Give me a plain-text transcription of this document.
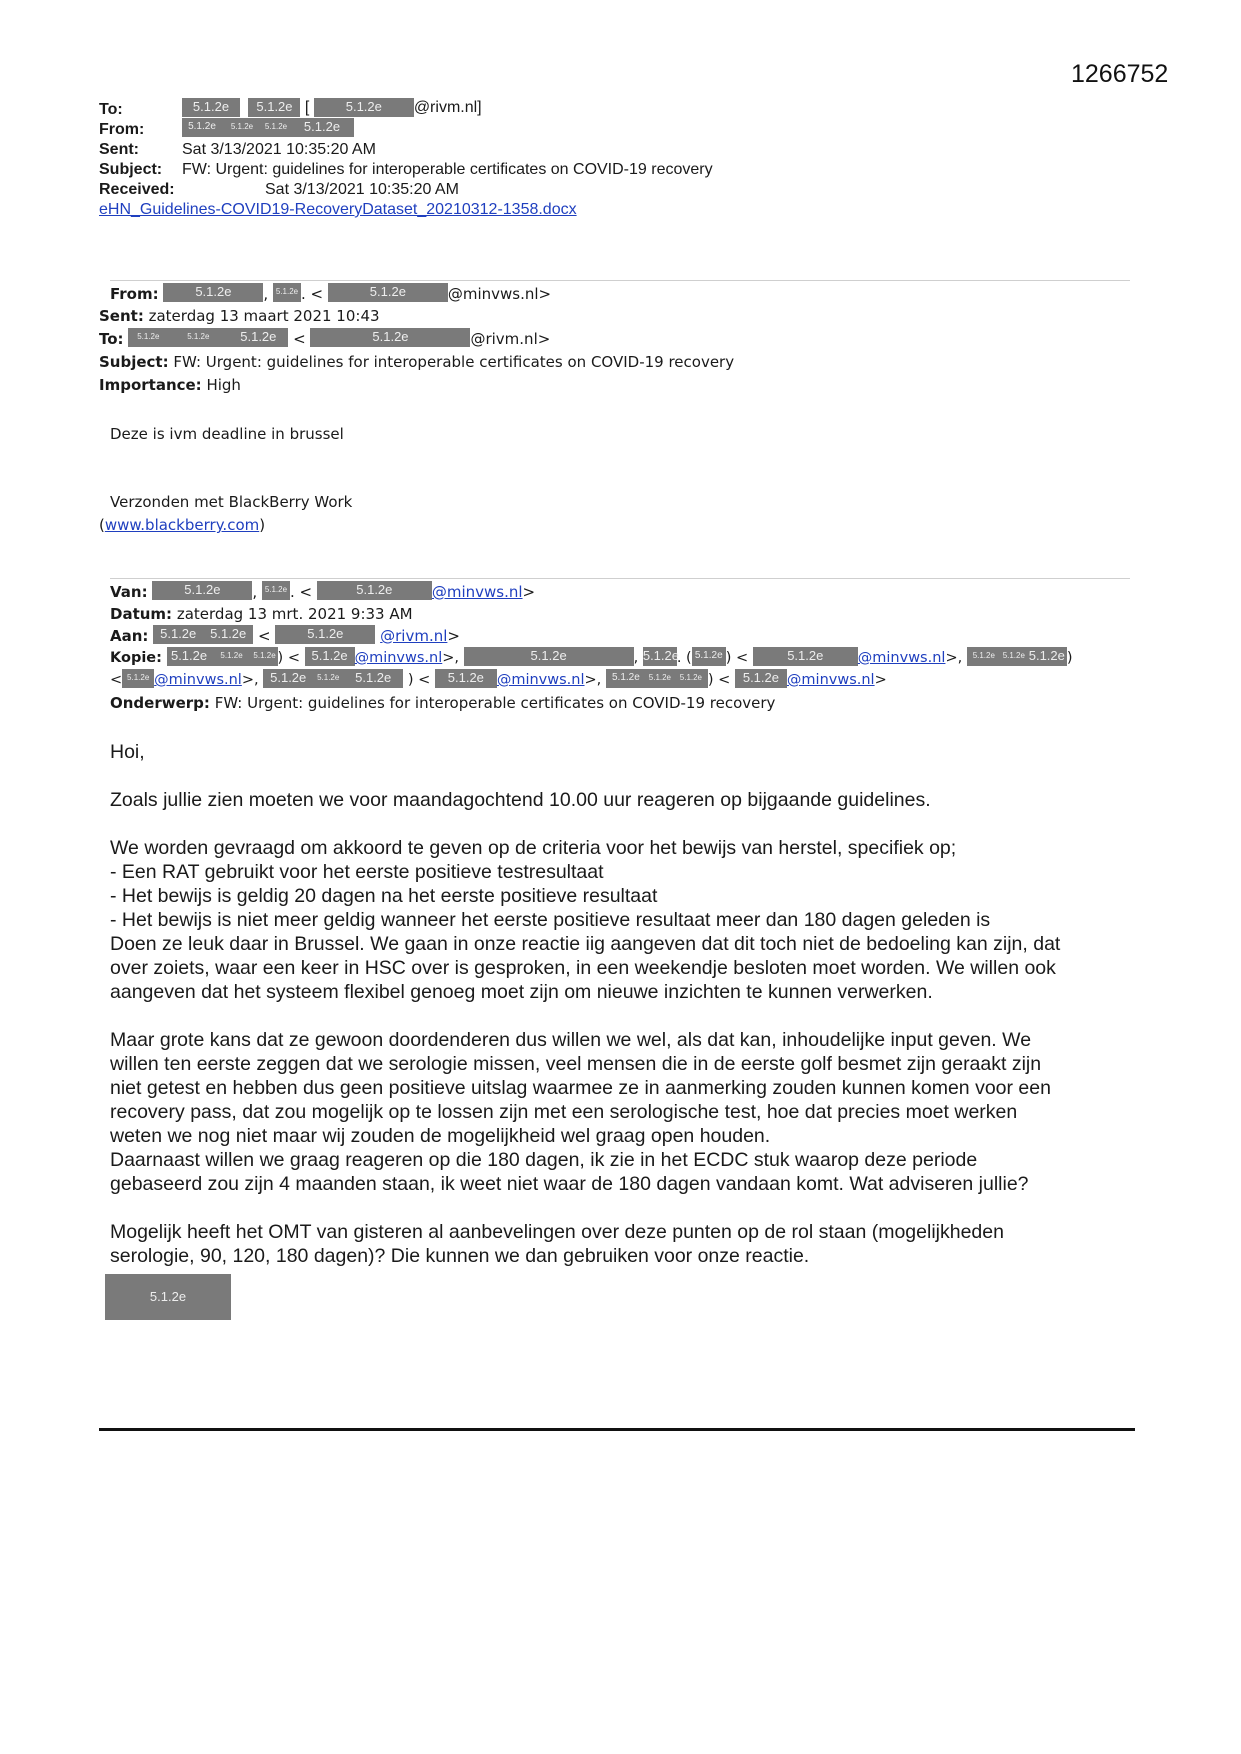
1266752
To:	5.1.2e 5.1.2e [	5.1.2e @rivm.nl]
From:	5.1.2e 5.1.2e 5.1.2e 5.1.2e
Sent:	Sat 3/13/2021 10:35:20 AM
Subject: FW: Urgent: guidelines for interoperable certificates on COVID-19 recovery
Received:	Sat 3/13/2021 10:35:20 AM
eHN_Guidelines-COVID19-RecoveryDataset_20210312-1358.docx
From:	5.1.2e , 5.1.2e . <	5.1.2e	@minvws.nl>
Sent: zaterdag 13 maart 2021 10:43
To: 5.1.2e	5.1.2e 5.1.2e <	5.1.2e	@rivm.nl>
Subject: FW: Urgent: guidelines for interoperable certificates on COVID-19 recovery
Importance: High
Deze is ivm deadline in brussel
Verzonden met BlackBerry Work
(www.blackberry.com)
Van:	5.1.2e , 5.1.2e . <	5.1.2e	@minvws.nl>
Datum: zaterdag 13 mrt. 2021 9:33 AM
Aan: 5.1.2e 5.1.2e <	5.1.2e @rivm.nl>
Kopie: 5.1.2e 5.1.2e 5.1.2e ) < 5.1.2e @minvws.nl>,	5.1.2e	, 5.1.2e. ( 5.1.2e ) <	5.1.2e @minvws.nl>, 5.1.2e 5.1.2e 5.1.2e )
< 5.1.2e @minvws.nl>, 5.1.2e 5.1.2e 5.1.2e ) < 5.1.2e @minvws.nl>, 5.1.2e 5.1.2e 5.1.2e ) < 5.1.2e @minvws.nl>
Onderwerp: FW: Urgent: guidelines for interoperable certificates on COVID-19 recovery
Hoi,
Zoals jullie zien moeten we voor maandagochtend 10.00 uur reageren op bijgaande guidelines.

We worden gevraagd om akkoord te geven op de criteria voor het bewijs van herstel, specifiek op;

- Een RAT gebruikt voor het eerste positieve testresultaat

- Het bewijs is geldig 20 dagen na het eerste positieve resultaat

- Het bewijs is niet meer geldig wanneer het eerste positieve resultaat meer dan 180 dagen geleden is

Doen ze leuk daar in Brussel. We gaan in onze reactie iig aangeven dat dit toch niet de bedoeling kan zijn, dat

over zoiets, waar een keer in HSC over is gesproken, in een weekendje besloten moet worden. We willen ook

aangeven dat het systeem flexibel genoeg moet zijn om nieuwe inzichten te kunnen verwerken.

Maar grote kans dat ze gewoon doordenderen dus willen we wel, als dat kan, inhoudelijke input geven. We

willen ten eerste zeggen dat we serologie missen, veel mensen die in de eerste golf besmet zijn geraakt zijn

niet getest en hebben dus geen positieve uitslag waarmee ze in aanmerking zouden kunnen komen voor een

recovery pass, dat zou mogelijk op te lossen zijn met een serologische test, hoe dat precies moet werken

weten we nog niet maar wij zouden de mogelijkheid wel graag open houden.

Daarnaast willen we graag reageren op die 180 dagen, ik zie in het ECDC stuk waarop deze periode

gebaseerd zou zijn 4 maanden staan, ik weet niet waar de 180 dagen vandaan komt. Wat adviseren jullie?

Mogelijk heeft het OMT van gisteren al aanbevelingen over deze punten op de rol staan (mogelijkheden

serologie, 90, 120, 180 dagen)? Die kunnen we dan gebruiken voor onze reactie.

5.1.2e
